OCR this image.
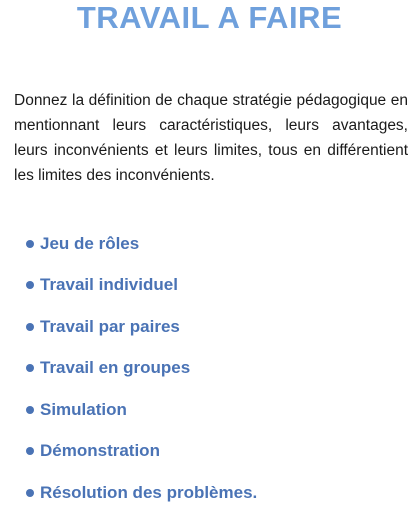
TRAVAIL A FAIRE

Donnez la définition de chaque stratégie pédagogique en mentionnant leurs caractéristiques, leurs avantages, leurs inconvénients et leurs limites, tous en différentient les limites des inconvénients.

Jeu de rôles
Travail individuel
Travail par paires
Travail en groupes
Simulation
Démonstration
Résolution des problèmes.
